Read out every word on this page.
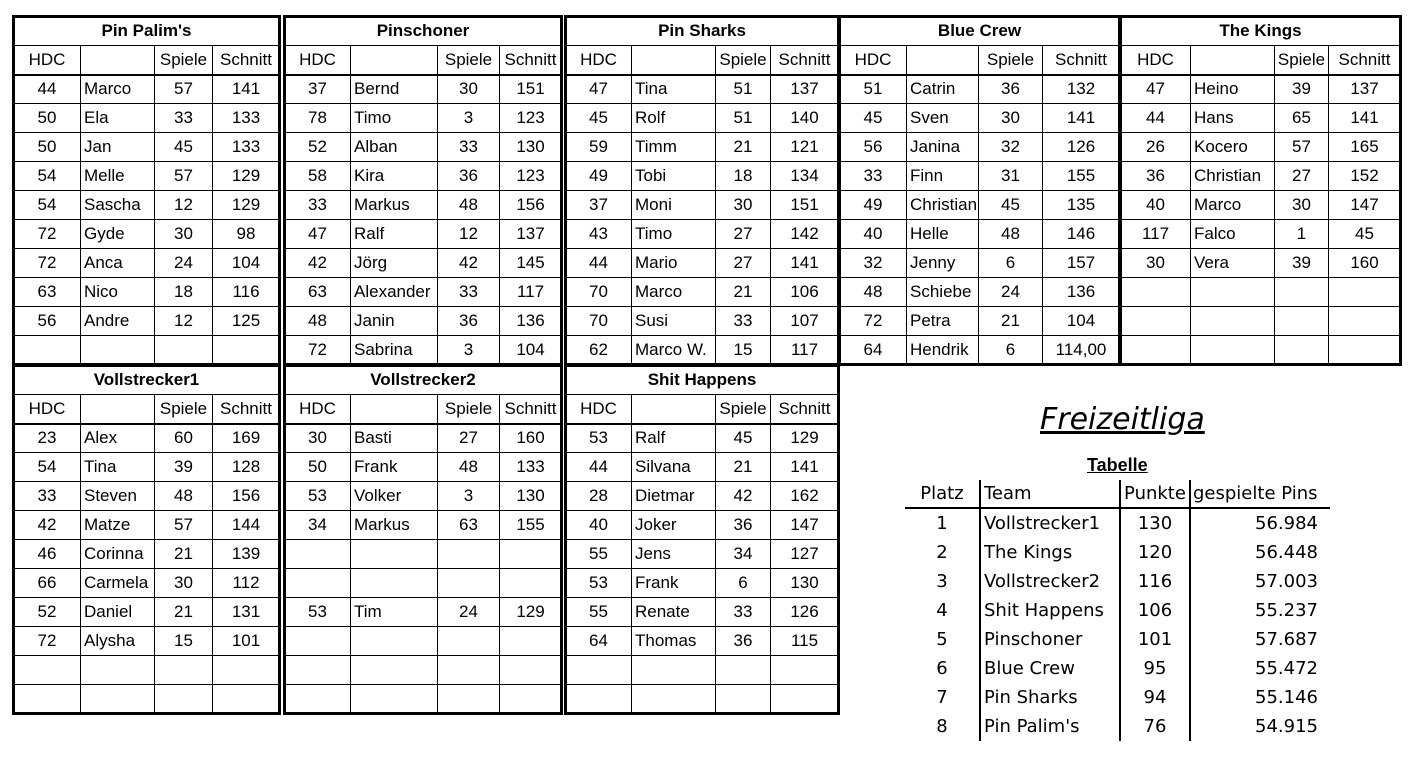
Pin Palim's			
HDC		Spiele	Schnitt
44	Marco	57	141
50	Ela	33	133
50	Jan	45	133
54	Melle	57	129
54	Sascha	12	129
72	Gyde	30	98
72	Anca	24	104
63	Nico	18	116
56	Andre	12	125

Pinschoner			
HDC		Spiele	Schnitt
37	Bernd	30	151
78	Timo	3	123
52	Alban	33	130
58	Kira	36	123
33	Markus	48	156
47	Ralf	12	137
42	Jörg	42	145
63	Alexander	33	117
48	Janin	36	136
72	Sabrina	3	104
Pin Sharks			
HDC		Spiele	Schnitt
47	Tina	51	137
45	Rolf	51	140
59	Timm	21	121
49	Tobi	18	134
37	Moni	30	151
43	Timo	27	142
44	Mario	27	141
70	Marco	21	106
70	Susi	33	107
62	Marco W.	15	117
Blue Crew			
HDC		Spiele	Schnitt
51	Catrin	36	132
45	Sven	30	141
56	Janina	32	126
33	Finn	31	155
49	Christian	45	135
40	Helle	48	146
32	Jenny	6	157
48	Schiebe	24	136
72	Petra	21	104
64	Hendrik	6	114,00
The Kings			
HDC		Spiele	Schnitt
47	Heino	39	137
44	Hans	65	141
26	Kocero	57	165
36	Christian	27	152
40	Marco	30	147
117	Falco	1	45
30	Vera	39	160

Vollstrecker1			
HDC		Spiele	Schnitt
23	Alex	60	169
54	Tina	39	128
33	Steven	48	156
42	Matze	57	144
46	Corinna	21	139
66	Carmela	30	112
52	Daniel	21	131
72	Alysha	15	101

Vollstrecker2			
HDC		Spiele	Schnitt
30	Basti	27	160
50	Frank	48	133
53	Volker	3	130
34	Markus	63	155

53	Tim	24	129

Shit Happens			
HDC		Spiele	Schnitt
53	Ralf	45	129
44	Silvana	21	141
28	Dietmar	42	162
40	Joker	36	147
55	Jens	34	127
53	Frank	6	130
55	Renate	33	126
64	Thomas	36	115

Freizeitliga
Tabelle
Platz	Team	Punkte	gespielte Pins
1	Vollstrecker1	130	56.984
2	The Kings	120	56.448
3	Vollstrecker2	116	57.003
4	Shit Happens	106	55.237
5	Pinschoner	101	57.687
6	Blue Crew	95	55.472
7	Pin Sharks	94	55.146
8	Pin Palim's	76	54.915
